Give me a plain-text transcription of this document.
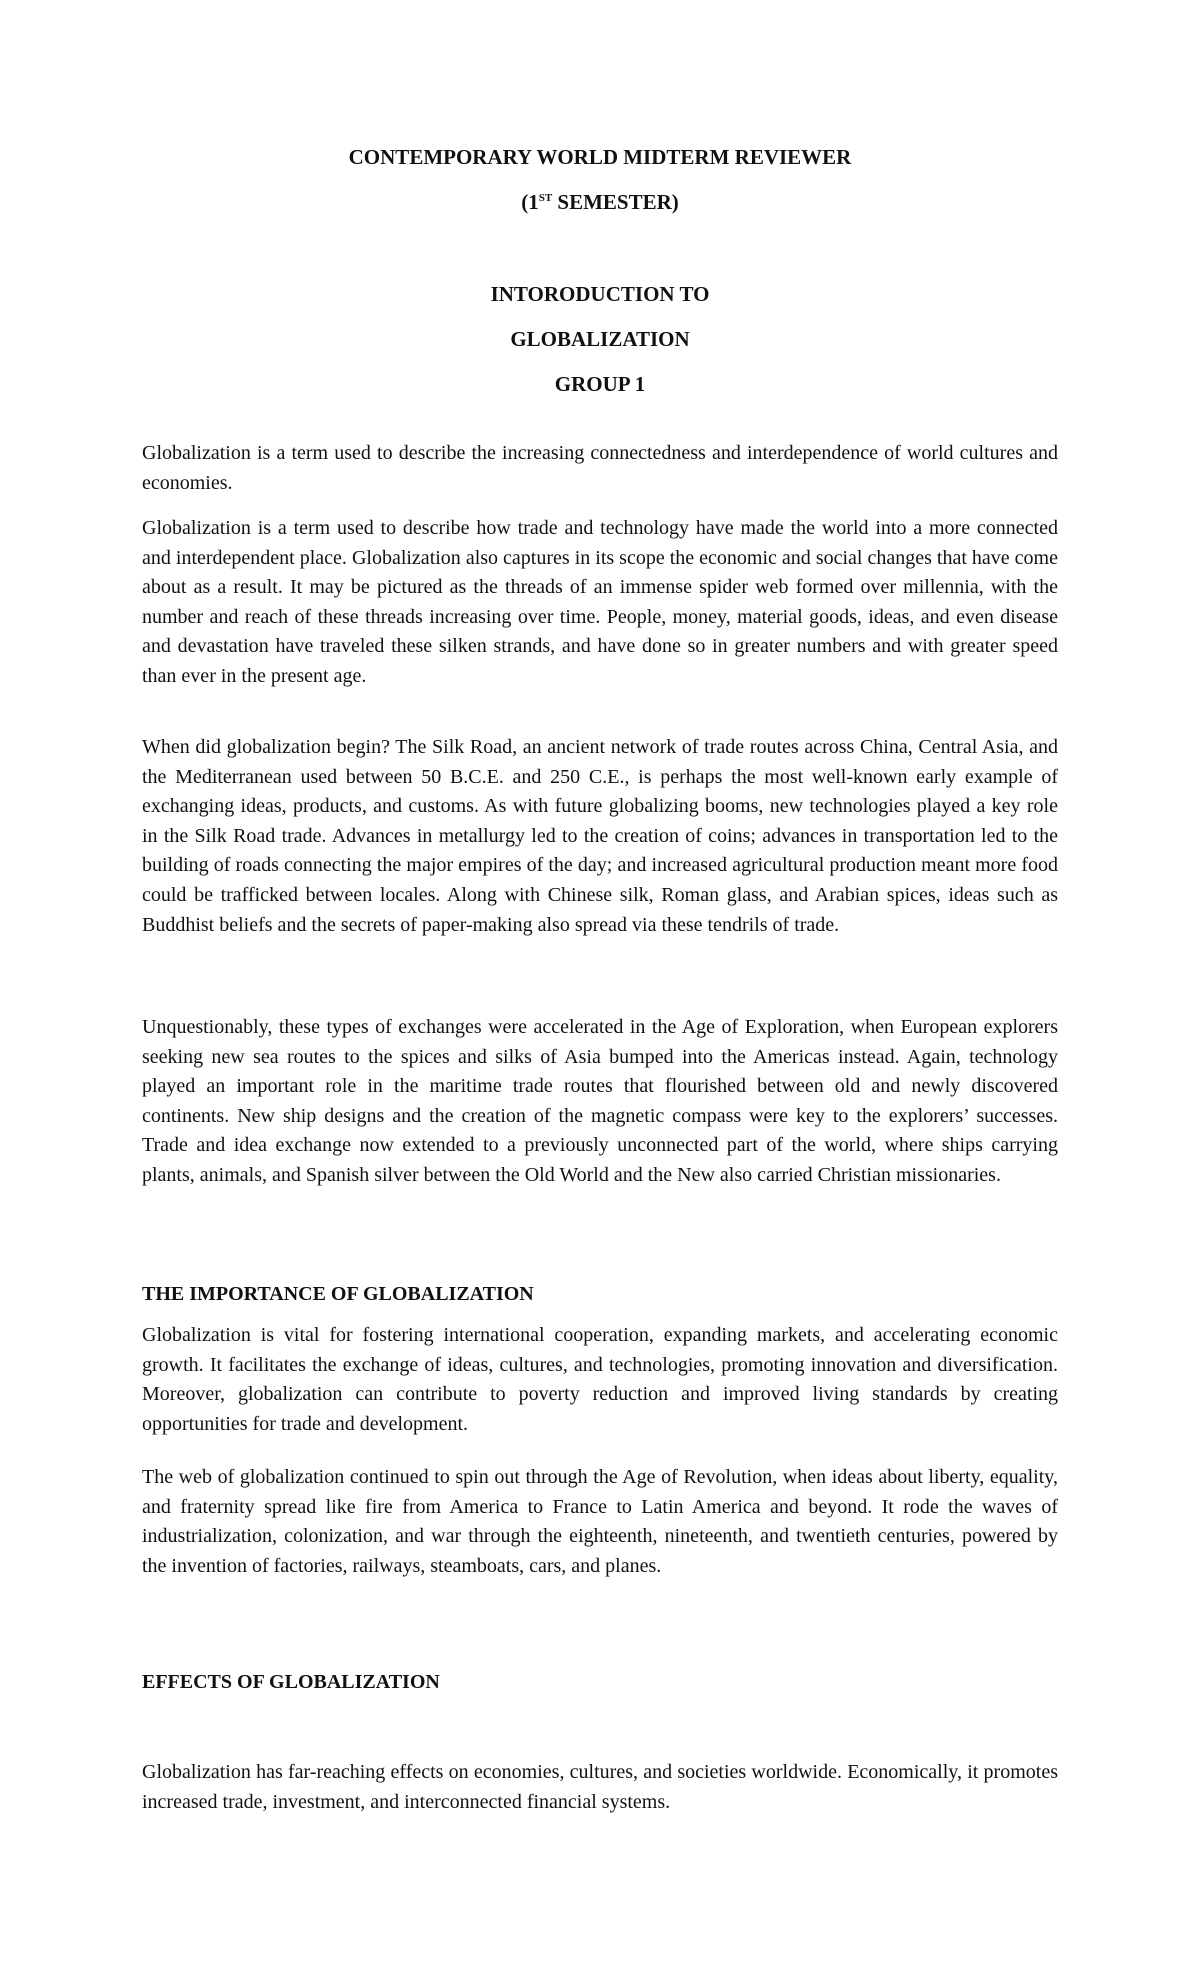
CONTEMPORARY WORLD MIDTERM REVIEWER

(1ST SEMESTER)

INTORODUCTION TO

GLOBALIZATION

GROUP 1

Globalization is a term used to describe the increasing connectedness and interdependence of world cultures and economies.

Globalization is a term used to describe how trade and technology have made the world into a more connected and interdependent place. Globalization also captures in its scope the economic and social changes that have come about as a result. It may be pictured as the threads of an immense spider web formed over millennia, with the number and reach of these threads increasing over time. People, money, material goods, ideas, and even disease and devastation have traveled these silken strands, and have done so in greater numbers and with greater speed than ever in the present age.

When did globalization begin? The Silk Road, an ancient network of trade routes across China, Central Asia, and the Mediterranean used between 50 B.C.E. and 250 C.E., is perhaps the most well-known early example of exchanging ideas, products, and customs. As with future globalizing booms, new technologies played a key role in the Silk Road trade. Advances in metallurgy led to the creation of coins; advances in transportation led to the building of roads connecting the major empires of the day; and increased agricultural production meant more food could be trafficked between locales. Along with Chinese silk, Roman glass, and Arabian spices, ideas such as Buddhist beliefs and the secrets of paper-making also spread via these tendrils of trade.

Unquestionably, these types of exchanges were accelerated in the Age of Exploration, when European explorers seeking new sea routes to the spices and silks of Asia bumped into the Americas instead. Again, technology played an important role in the maritime trade routes that flourished between old and newly discovered continents. New ship designs and the creation of the magnetic compass were key to the explorers’ successes. Trade and idea exchange now extended to a previously unconnected part of the world, where ships carrying plants, animals, and Spanish silver between the Old World and the New also carried Christian missionaries.

THE IMPORTANCE OF GLOBALIZATION

Globalization is vital for fostering international cooperation, expanding markets, and accelerating economic growth. It facilitates the exchange of ideas, cultures, and technologies, promoting innovation and diversification. Moreover, globalization can contribute to poverty reduction and improved living standards by creating opportunities for trade and development.

The web of globalization continued to spin out through the Age of Revolution, when ideas about liberty, equality, and fraternity spread like fire from America to France to Latin America and beyond. It rode the waves of industrialization, colonization, and war through the eighteenth, nineteenth, and twentieth centuries, powered by the invention of factories, railways, steamboats, cars, and planes.

EFFECTS OF GLOBALIZATION

Globalization has far-reaching effects on economies, cultures, and societies worldwide. Economically, it promotes increased trade, investment, and interconnected financial systems.
